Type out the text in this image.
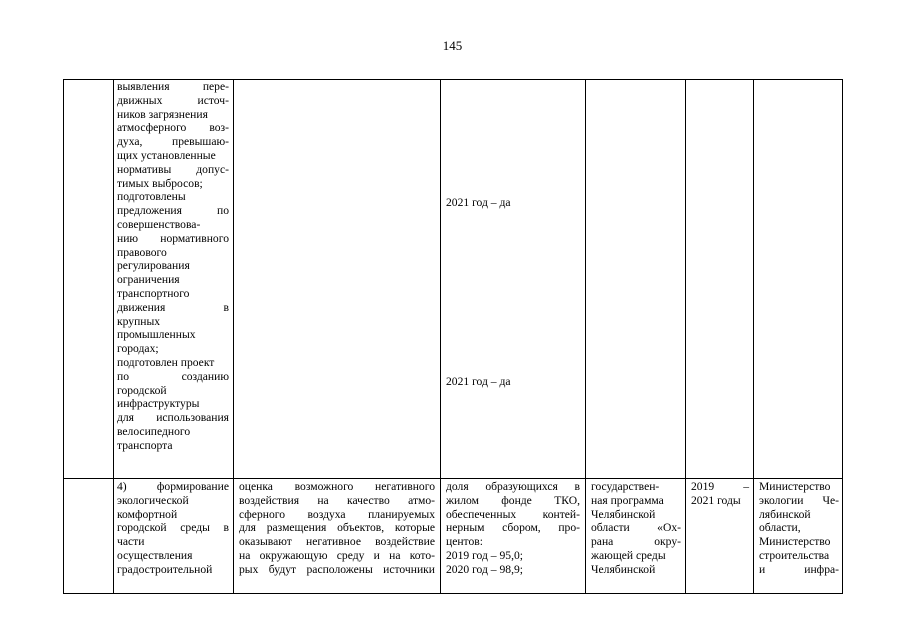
145
выявления пере-
движных источ-
ников загрязнения
атмосферного воз-
духа, превышаю-
щих установленные
нормативы допус-
тимых выбросов;
подготовлены
предложения по
совершенствова-
нию нормативного
правового
регулирования
ограничения
транспортного
движения в
крупных
промышленных
городах;
подготовлен проект
по созданию
городской
инфраструктуры
для использования
велосипедного
транспорта
2021 год – да
2021 год – да
4) формирование
экологической
комфортной
городской среды в
части
осуществления
градостроительной
оценка возможного негативного
воздействия на качество атмо-
сферного воздуха планируемых
для размещения объектов, которые
оказывают негативное воздействие
на окружающую среду и на кото-
рых будут расположены источники
доля образующихся в
жилом фонде ТКО,
обеспеченных контей-
нерным сбором, про-
центов:
2019 год – 95,0;
2020 год – 98,9;
государствен-
ная программа
Челябинской
области «Ох-
рана окру-
жающей среды
Челябинской
2019 –
2021 годы
Министерство
экологии Че-
лябинской
области,
Министерство
строительства
и инфра-
